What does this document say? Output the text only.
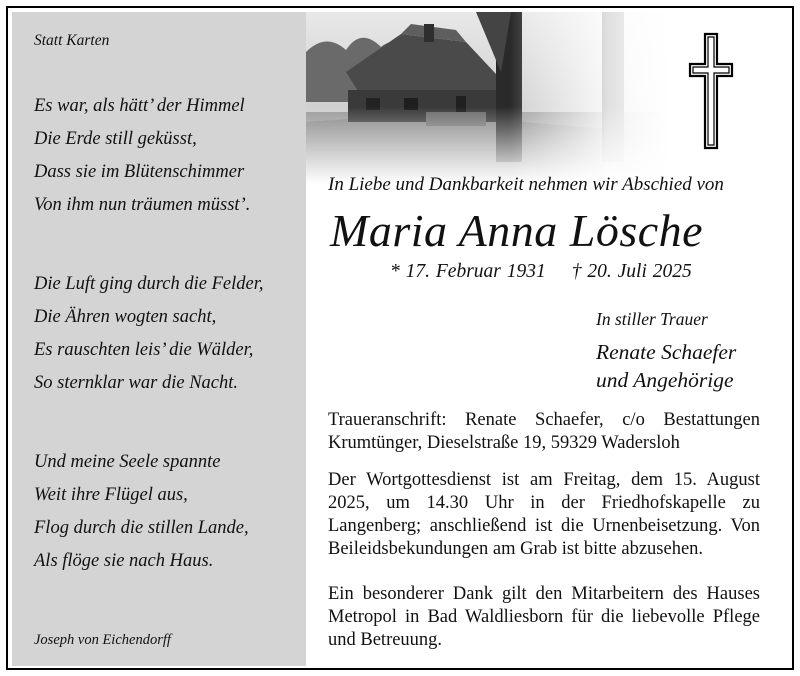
Statt Karten
Es war, als hätt’ der Himmel
Die Erde still geküsst,
Dass sie im Blütenschimmer
Von ihm nun träumen müsst’.
Die Luft ging durch die Felder,
Die Ähren wogten sacht,
Es rauschten leis’ die Wälder,
So sternklar war die Nacht.
Und meine Seele spannte
Weit ihre Flügel aus,
Flog durch die stillen Lande,
Als flöge sie nach Haus.
Joseph von Eichendorff
In Liebe und Dankbarkeit nehmen wir Abschied von
Maria Anna Lösche
* 17. Februar 1931 † 20. Juli 2025
In stiller Trauer
Renate Schaefer
und Angehörige
Traueranschrift: Renate Schaefer, c/o Bestattungen Krumtünger, Dieselstraße 19, 59329 Wadersloh
Der Wortgottesdienst ist am Freitag, dem 15. August 2025, um 14.30 Uhr in der Friedhofskapelle zu Langenberg; anschließend ist die Urnenbeisetzung. Von Beileidsbekundungen am Grab ist bitte abzusehen.
Ein besonderer Dank gilt den Mitarbeitern des Hauses Metropol in Bad Waldliesborn für die liebevolle Pflege und Betreuung.
